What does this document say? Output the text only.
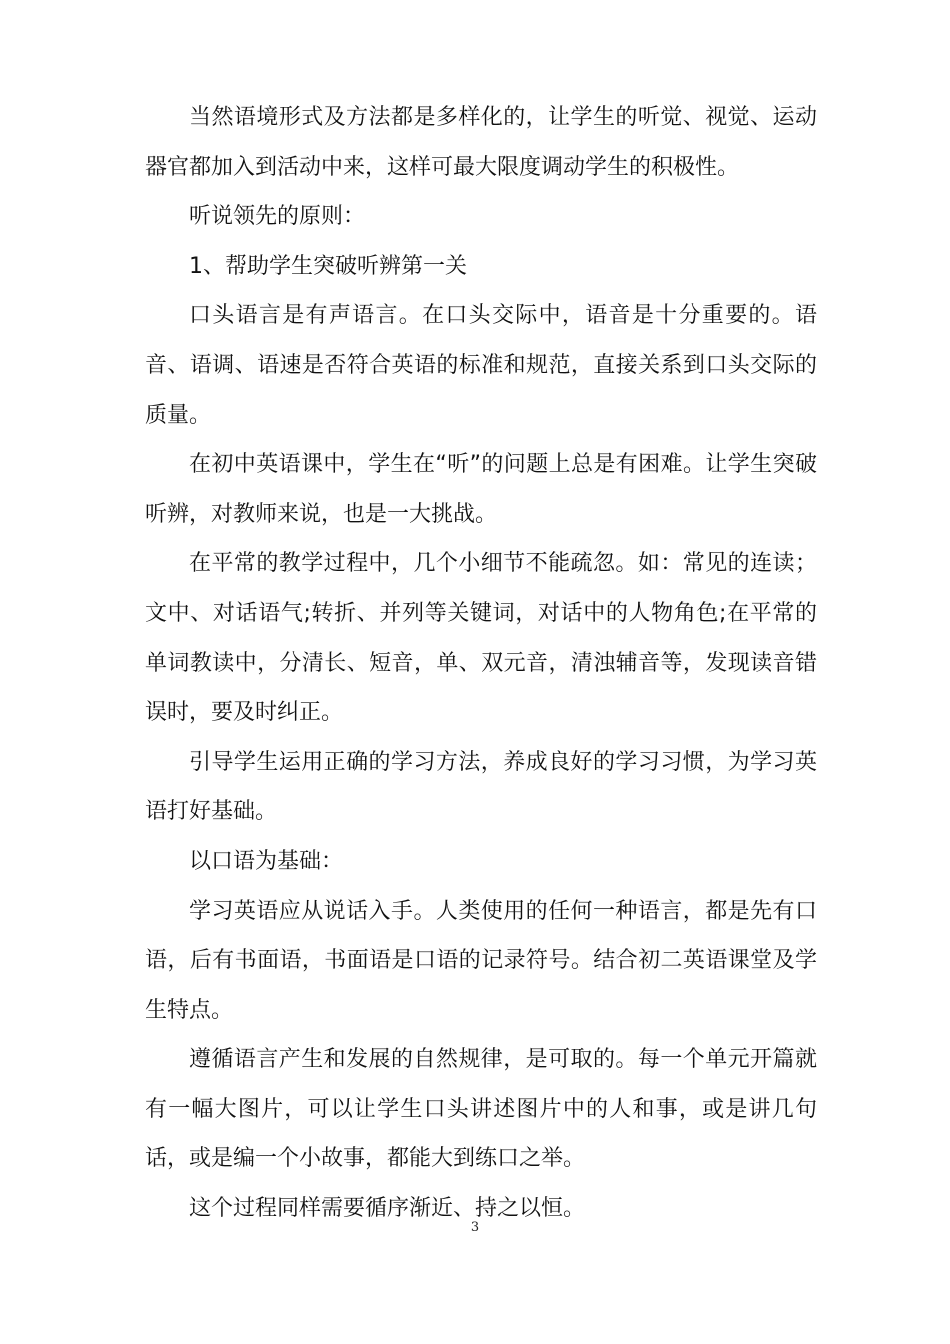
当然语境形式及方法都是多样化的，让学生的听觉、视觉、运动器官都加入到活动中来，这样可最大限度调动学生的积极性。

听说领先的原则：

1、帮助学生突破听辨第一关

口头语言是有声语言。在口头交际中，语音是十分重要的。语音、语调、语速是否符合英语的标准和规范，直接关系到口头交际的质量。

在初中英语课中，学生在“听”的问题上总是有困难。让学生突破听辨，对教师来说，也是一大挑战。

在平常的教学过程中，几个小细节不能疏忽。如：常见的连读；文中、对话语气;转折、并列等关键词，对话中的人物角色;在平常的单词教读中，分清长、短音，单、双元音，清浊辅音等，发现读音错误时，要及时纠正。

引导学生运用正确的学习方法，养成良好的学习习惯，为学习英语打好基础。

以口语为基础：

学习英语应从说话入手。人类使用的任何一种语言，都是先有口语，后有书面语，书面语是口语的记录符号。结合初二英语课堂及学生特点。

遵循语言产生和发展的自然规律，是可取的。每一个单元开篇就有一幅大图片，可以让学生口头讲述图片中的人和事，或是讲几句话，或是编一个小故事，都能大到练口之举。

这个过程同样需要循序渐近、持之以恒。

3
